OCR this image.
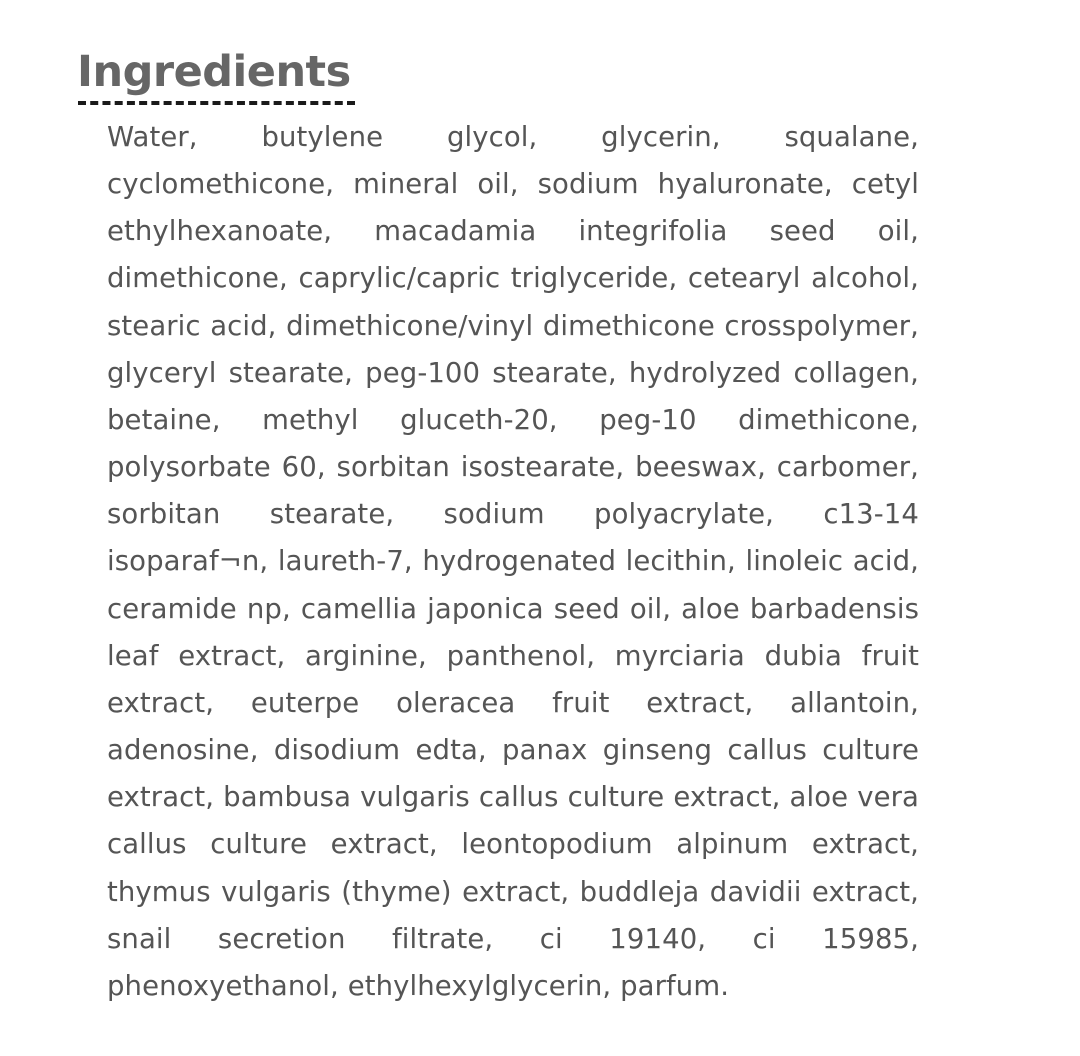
Ingredients

Water, butylene glycol, glycerin, squalane, cyclomethicone, mineral oil, sodium hyaluronate, cetyl ethylhexanoate, macadamia integrifolia seed oil, dimethicone, caprylic/capric triglyceride, cetearyl alcohol, stearic acid, dimethicone/vinyl dimethicone crosspolymer, glyceryl stearate, peg-100 stearate, hydrolyzed collagen, betaine, methyl gluceth-20, peg-10 dimethicone, polysorbate 60, sorbitan isostearate, beeswax, carbomer, sorbitan stearate, sodium polyacrylate, c13-14 isoparaf¬n, laureth-7, hydrogenated lecithin, linoleic acid, ceramide np, camellia japonica seed oil, aloe barbadensis leaf extract, arginine, panthenol, myrciaria dubia fruit extract, euterpe oleracea fruit extract, allantoin, adenosine, disodium edta, panax ginseng callus culture extract, bambusa vulgaris callus culture extract, aloe vera callus culture extract, leontopodium alpinum extract, thymus vulgaris (thyme) extract, buddleja davidii extract, snail secretion filtrate, ci 19140, ci 15985, phenoxyethanol, ethylhexylglycerin, parfum.
